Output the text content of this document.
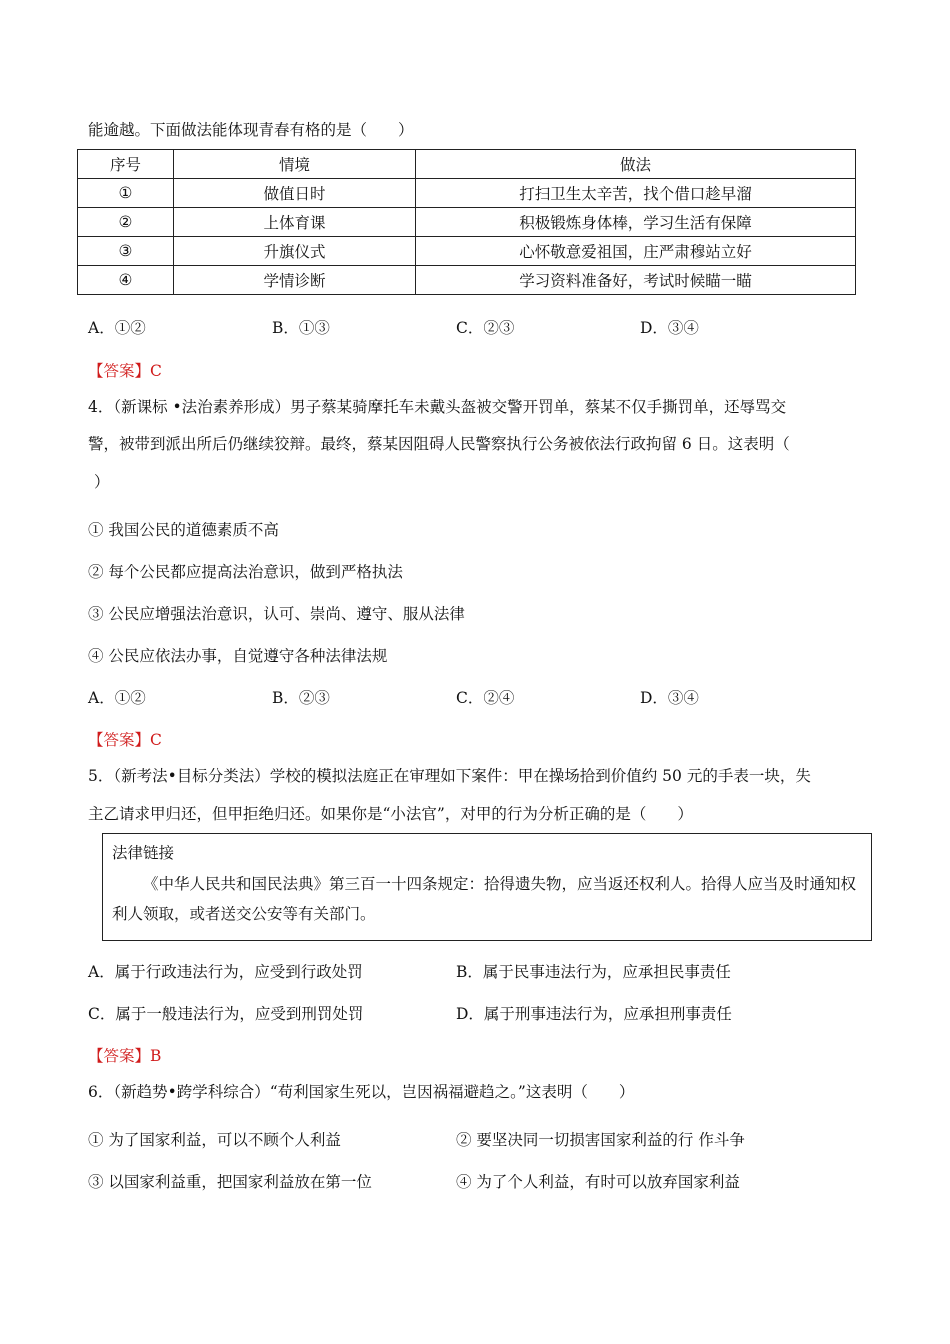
能逾越。下面做法能体现青春有格的是（　　）
序号	情境	做法
①	做值日时	打扫卫生太辛苦，找个借口趁早溜
②	上体育课	积极锻炼身体棒，学习生活有保障
③	升旗仪式	心怀敬意爱祖国，庄严肃穆站立好
④	学情诊断	学习资料准备好，考试时候瞄一瞄
A．①②	B．①③	C．②③	D．③④
【答案】C
4．（新课标 •法治素养形成）男子蔡某骑摩托车未戴头盔被交警开罚单，蔡某不仅手撕罚单，还辱骂交
警，被带到派出所后仍继续狡辩。最终，蔡某因阻碍人民警察执行公务被依法行政拘留 6 日。这表明（
）
① 我国公民的道德素质不高
② 每个公民都应提高法治意识，做到严格执法
③ 公民应增强法治意识，认可、崇尚、遵守、服从法律
④ 公民应依法办事，自觉遵守各种法律法规
A．①②	B．②③	C．②④	D．③④
【答案】C
5．（新考法•目标分类法）学校的模拟法庭正在审理如下案件：甲在操场拾到价值约 50 元的手表一块，失
主乙请求甲归还，但甲拒绝归还。如果你是“小法官”，对甲的行为分析正确的是（　　）
法律链接
《中华人民共和国民法典》第三百一十四条规定：拾得遗失物，应当返还权利人。拾得人应当及时通知权利人领取，或者送交公安等有关部门。
A．属于行政违法行为，应受到行政处罚	B．属于民事违法行为，应承担民事责任
C．属于一般违法行为，应受到刑罚处罚	D．属于刑事违法行为，应承担刑事责任
【答案】B
6．（新趋势•跨学科综合）“苟利国家生死以，岂因祸福避趋之。”这表明（　　）
① 为了国家利益，可以不顾个人利益	② 要坚决同一切损害国家利益的行 作斗争
③ 以国家利益重，把国家利益放在第一位	④ 为了个人利益，有时可以放弃国家利益
